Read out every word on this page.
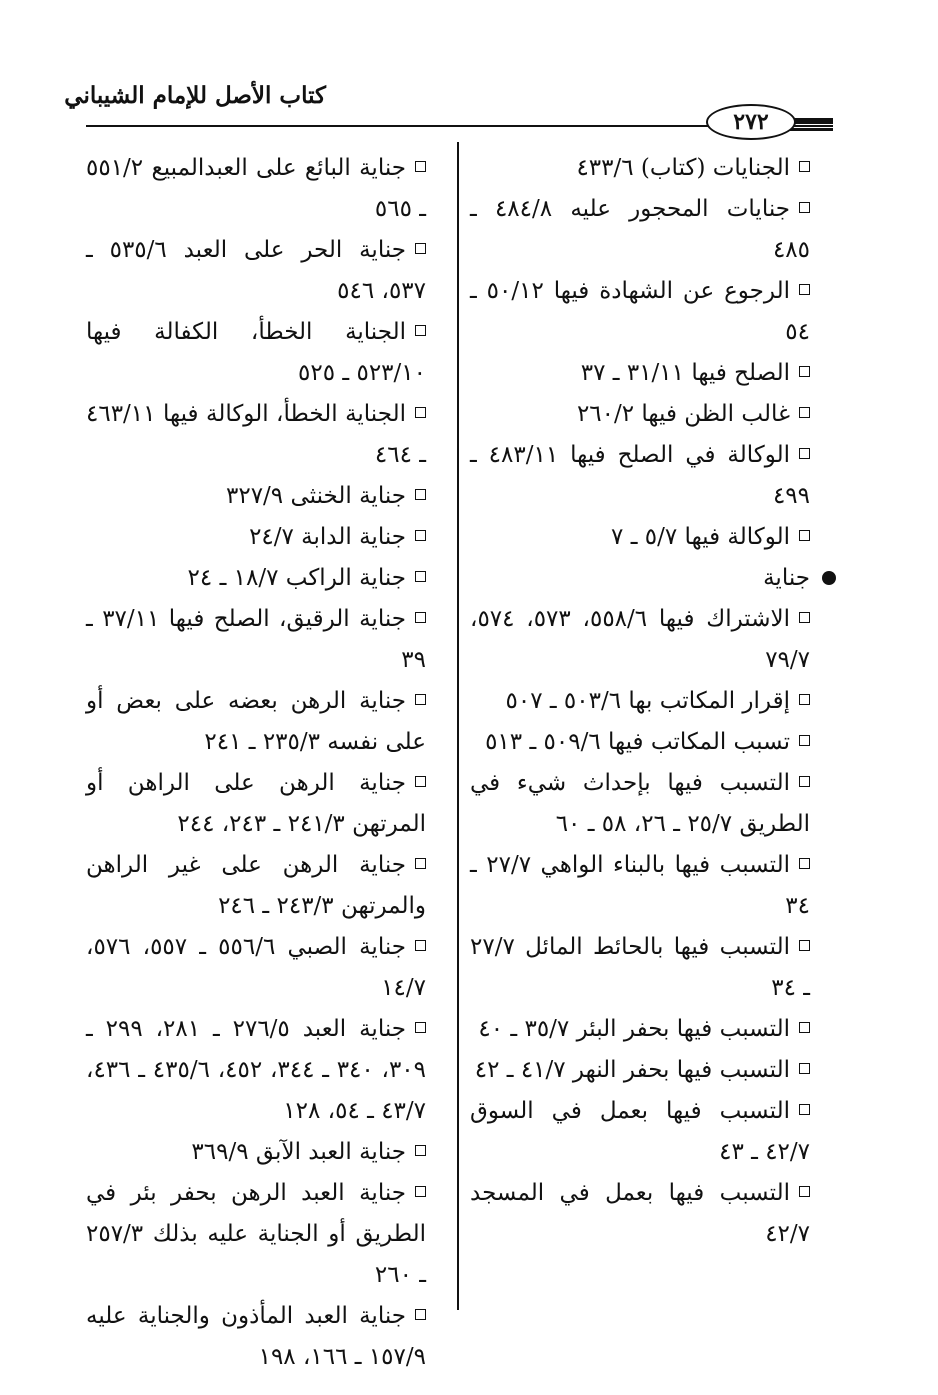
كتاب الأصل للإمام الشيباني
٢٧٢

الجنايات (كتاب) ٤٣٣/٦

جنايات المحجور عليه ٤٨٤/٨ ـ ٤٨٥

الرجوع عن الشهادة فيها ٥٠/١٢ ـ ٥٤

الصلح فيها ٣١/١١ ـ ٣٧

غالب الظن فيها ٢٦٠/٢

الوكالة في الصلح فيها ٤٨٣/١١ ـ ٤٩٩

الوكالة فيها ٥/٧ ـ ٧

جناية

الاشتراك فيها ٥٥٨/٦، ٥٧٣، ٥٧٤، ٧٩/٧

إقرار المكاتب بها ٥٠٣/٦ ـ ٥٠٧

تسبب المكاتب فيها ٥٠٩/٦ ـ ٥١٣

التسبب فيها بإحداث شيء في الطريق ٢٥/٧ ـ ٢٦، ٥٨ ـ ٦٠

التسبب فيها بالبناء الواهي ٢٧/٧ ـ ٣٤

التسبب فيها بالحائط المائل ٢٧/٧ ـ ٣٤

التسبب فيها بحفر البئر ٣٥/٧ ـ ٤٠

التسبب فيها بحفر النهر ٤١/٧ ـ ٤٢

التسبب فيها بعمل في السوق ٤٢/٧ ـ ٤٣

التسبب فيها بعمل في المسجد ٤٢/٧

جناية البائع على العبدالمبيع ٥٥١/٢ ـ ٥٦٥

جناية الحر على العبد ٥٣٥/٦ ـ ٥٣٧، ٥٤٦

الجناية الخطأ، الكفالة فيها ٥٢٣/١٠ ـ ٥٢٥

الجناية الخطأ، الوكالة فيها ٤٦٣/١١ ـ ٤٦٤

جناية الخنثى ٣٢٧/٩

جناية الدابة ٢٤/٧

جناية الراكب ١٨/٧ ـ ٢٤

جناية الرقيق، الصلح فيها ٣٧/١١ ـ ٣٩

جناية الرهن بعضه على بعض أو على نفسه ٢٣٥/٣ ـ ٢٤١

جناية الرهن على الراهن أو المرتهن ٢٤١/٣ ـ ٢٤٣، ٢٤٤

جناية الرهن على غير الراهن والمرتهن ٢٤٣/٣ ـ ٢٤٦

جناية الصبي ٥٥٦/٦ ـ ٥٥٧، ٥٧٦، ١٤/٧

جناية العبد ٢٧٦/٥ ـ ٢٨١، ٢٩٩ ـ ٣٠٩، ٣٤٠ ـ ٣٤٤، ٤٥٢، ٤٣٥/٦ ـ ٤٣٦، ٤٣/٧ ـ ٥٤، ١٢٨

جناية العبد الآبق ٣٦٩/٩

جناية العبد الرهن بحفر بئر في الطريق أو الجناية عليه بذلك ٢٥٧/٣ ـ ٢٦٠

جناية العبد المأذون والجناية عليه ١٥٧/٩ ـ ١٦٦، ١٩٨
